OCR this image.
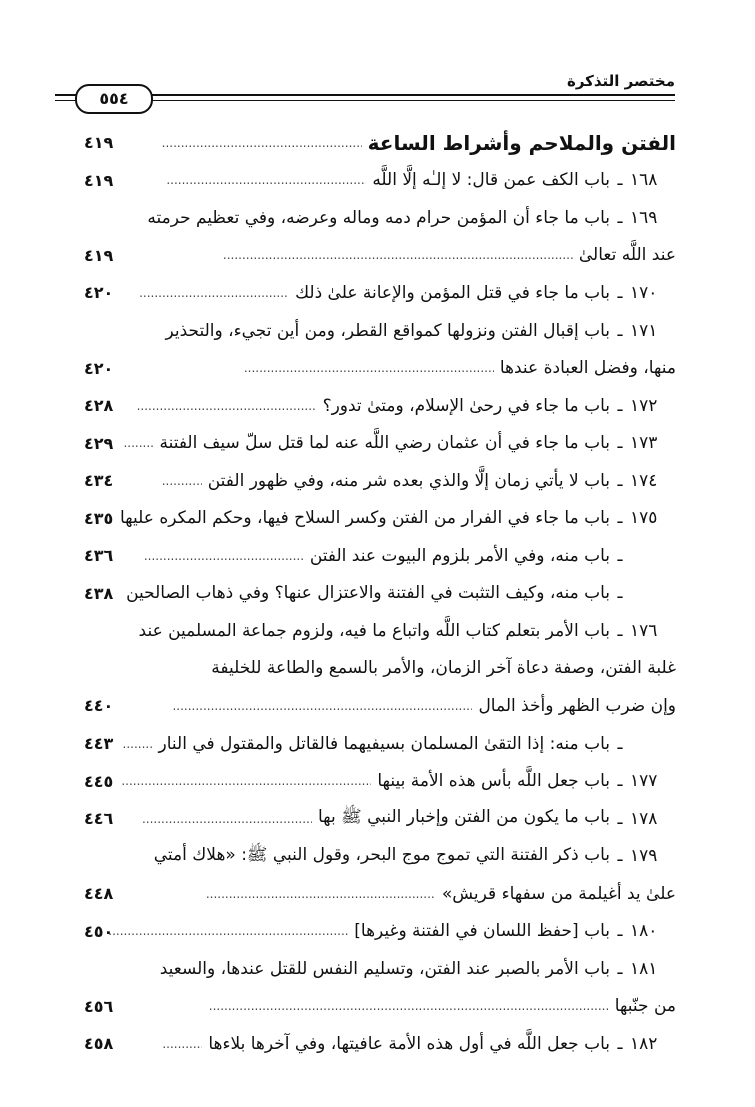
مختصر التذكرة
٥٥٤
الفتن والملاحم وأشراط الساعة
.....
٤١٩
١٦٨
ـ
باب الكف عمن قال: لا إلـٰه إلَّا اللَّه
.....
٤١٩
١٦٩
ـ
باب ما جاء أن المؤمن حرام دمه وماله وعرضه، وفي تعظيم حرمته
عند اللَّه تعالىٰ
.....
٤١٩
١٧٠
ـ
باب ما جاء في قتل المؤمن والإعانة علىٰ ذلك
.....
٤٢٠
١٧١
ـ
باب إقبال الفتن ونزولها كمواقع القطر، ومن أين تجيء، والتحذير
منها، وفضل العبادة عندها
.....
٤٢٠
١٧٢
ـ
باب ما جاء في رحىٰ الإسلام، ومتىٰ تدور؟
.....
٤٢٨
١٧٣
ـ
باب ما جاء في أن عثمان رضي اللَّه عنه لما قتل سلّ سيف الفتنة
.....
٤٢٩
١٧٤
ـ
باب لا يأتي زمان إلَّا والذي بعده شر منه، وفي ظهور الفتن
.....
٤٣٤
١٧٥
ـ
باب ما جاء في الفرار من الفتن وكسر السلاح فيها، وحكم المكره عليها
٤٣٥
ـ
باب منه، وفي الأمر بلزوم البيوت عند الفتن
.....
٤٣٦
ـ
باب منه، وكيف التثبت في الفتنة والاعتزال عنها؟ وفي ذهاب الصالحين
٤٣٨
١٧٦
ـ
باب الأمر بتعلم كتاب اللَّه واتباع ما فيه، ولزوم جماعة المسلمين عند
غلبة الفتن، وصفة دعاة آخر الزمان، والأمر بالسمع والطاعة للخليفة
وإن ضرب الظهر وأخذ المال
.....
٤٤٠
ـ
باب منه: إذا التقىٰ المسلمان بسيفيهما فالقاتل والمقتول في النار
.....
٤٤٣
١٧٧
ـ
باب جعل اللَّه بأس هذه الأمة بينها
.....
٤٤٥
١٧٨
ـ
باب ما يكون من الفتن وإخبار النبي ﷺ بها
.....
٤٤٦
١٧٩
ـ
باب ذكر الفتنة التي تموج موج البحر، وقول النبي ﷺ: «هلاك أمتي
علىٰ يد أغيلمة من سفهاء قريش»
.....
٤٤٨
١٨٠
ـ
باب [حفظ اللسان في الفتنة وغيرها]
.....
٤٥٠
١٨١
ـ
باب الأمر بالصبر عند الفتن، وتسليم النفس للقتل عندها، والسعيد
من جنّبها
.....
٤٥٦
١٨٢
ـ
باب جعل اللَّه في أول هذه الأمة عافيتها، وفي آخرها بلاءها
.....
٤٥٨
